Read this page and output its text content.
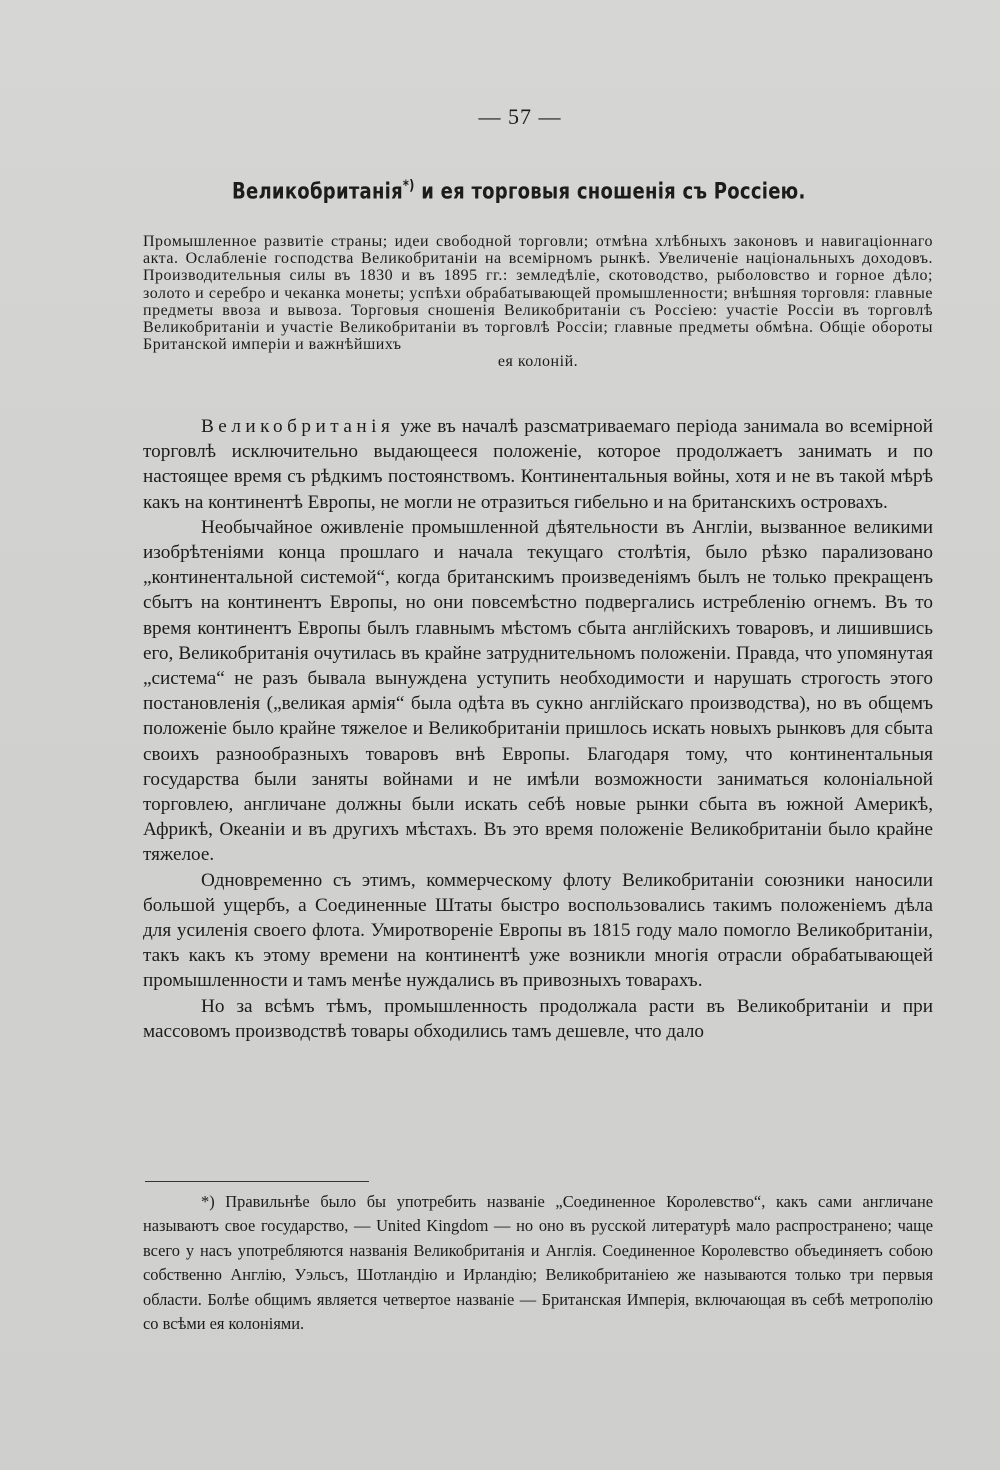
— 57 —
Великобританія*) и ея торговыя сношенія съ Россіею.
Промышленное развитіе страны; идеи свободной торговли; отмѣна хлѣбныхъ законовъ и навигаціоннаго акта. Ослабленіе господства Великобританіи на всемірномъ рынкѣ. Увеличеніе національныхъ доходовъ. Производительныя силы въ 1830 и въ 1895 гг.: земледѣліе, скотоводство, рыболовство и горное дѣло; золото и серебро и чеканка монеты; успѣхи обрабатывающей промышленности; внѣшняя торговля: главные предметы ввоза и вывоза. Торговыя сношенія Великобританіи съ Россіею: участіе Россіи въ торговлѣ Великобританіи и участіе Великобританіи въ торговлѣ Россіи; главные предметы обмѣна. Общіе обороты Британской имперіи и важнѣйшихъ
ея колоній.

Великобританія уже въ началѣ разсматриваемаго періода занимала во всемірной торговлѣ исключительно выдающееся положеніе, которое продолжаетъ занимать и по настоящее время съ рѣдкимъ постоянствомъ. Континентальныя войны, хотя и не въ такой мѣрѣ какъ на континентѣ Европы, не могли не отразиться гибельно и на британскихъ островахъ.

Необычайное оживленіе промышленной дѣятельности въ Англіи, вызванное великими изобрѣтеніями конца прошлаго и начала текущаго столѣтія, было рѣзко парализовано „континентальной системой“, когда британскимъ произведеніямъ былъ не только прекращенъ сбытъ на континентъ Европы, но они повсемѣстно подвергались истребленію огнемъ. Въ то время континентъ Европы былъ главнымъ мѣстомъ сбыта англійскихъ товаровъ, и лишившись его, Великобританія очутилась въ крайне затруднительномъ положеніи. Правда, что упомянутая „система“ не разъ бывала вынуждена уступить необходимости и нарушать строгость этого постановленія („великая армія“ была одѣта въ сукно англійскаго производства), но въ общемъ положеніе было крайне тяжелое и Великобританіи пришлось искать новыхъ рынковъ для сбыта своихъ разнообразныхъ товаровъ внѣ Европы. Благодаря тому, что континентальныя государства были заняты войнами и не имѣли возможности заниматься колоніальной торговлею, англичане должны были искать себѣ новые рынки сбыта въ южной Америкѣ, Африкѣ, Океаніи и въ другихъ мѣстахъ. Въ это время положеніе Великобританіи было крайне тяжелое.

Одновременно съ этимъ, коммерческому флоту Великобританіи союзники наносили большой ущербъ, а Соединенные Штаты быстро воспользовались такимъ положеніемъ дѣла для усиленія своего флота. Умиротвореніе Европы въ 1815 году мало помогло Великобританіи, такъ какъ къ этому времени на континентѣ уже возникли многія отрасли обрабатывающей промышленности и тамъ менѣе нуждались въ привозныхъ товарахъ.

Но за всѣмъ тѣмъ, промышленность продолжала расти въ Великобританіи и при массовомъ производствѣ товары обходились тамъ дешевле, что дало

*) Правильнѣе было бы употребить названіе „Соединенное Королевство“, какъ сами англичане называютъ свое государство, — United Kingdom — но оно въ русской литературѣ мало распространено; чаще всего у насъ употребляются названія Великобританія и Англія. Соединенное Королевство объединяетъ собою собственно Англію, Уэльсъ, Шотландію и Ирландію; Великобританіею же называются только три первыя области. Болѣе общимъ является четвертое названіе — Британская Имперія, включающая въ себѣ метрополію со всѣми ея колоніями.
